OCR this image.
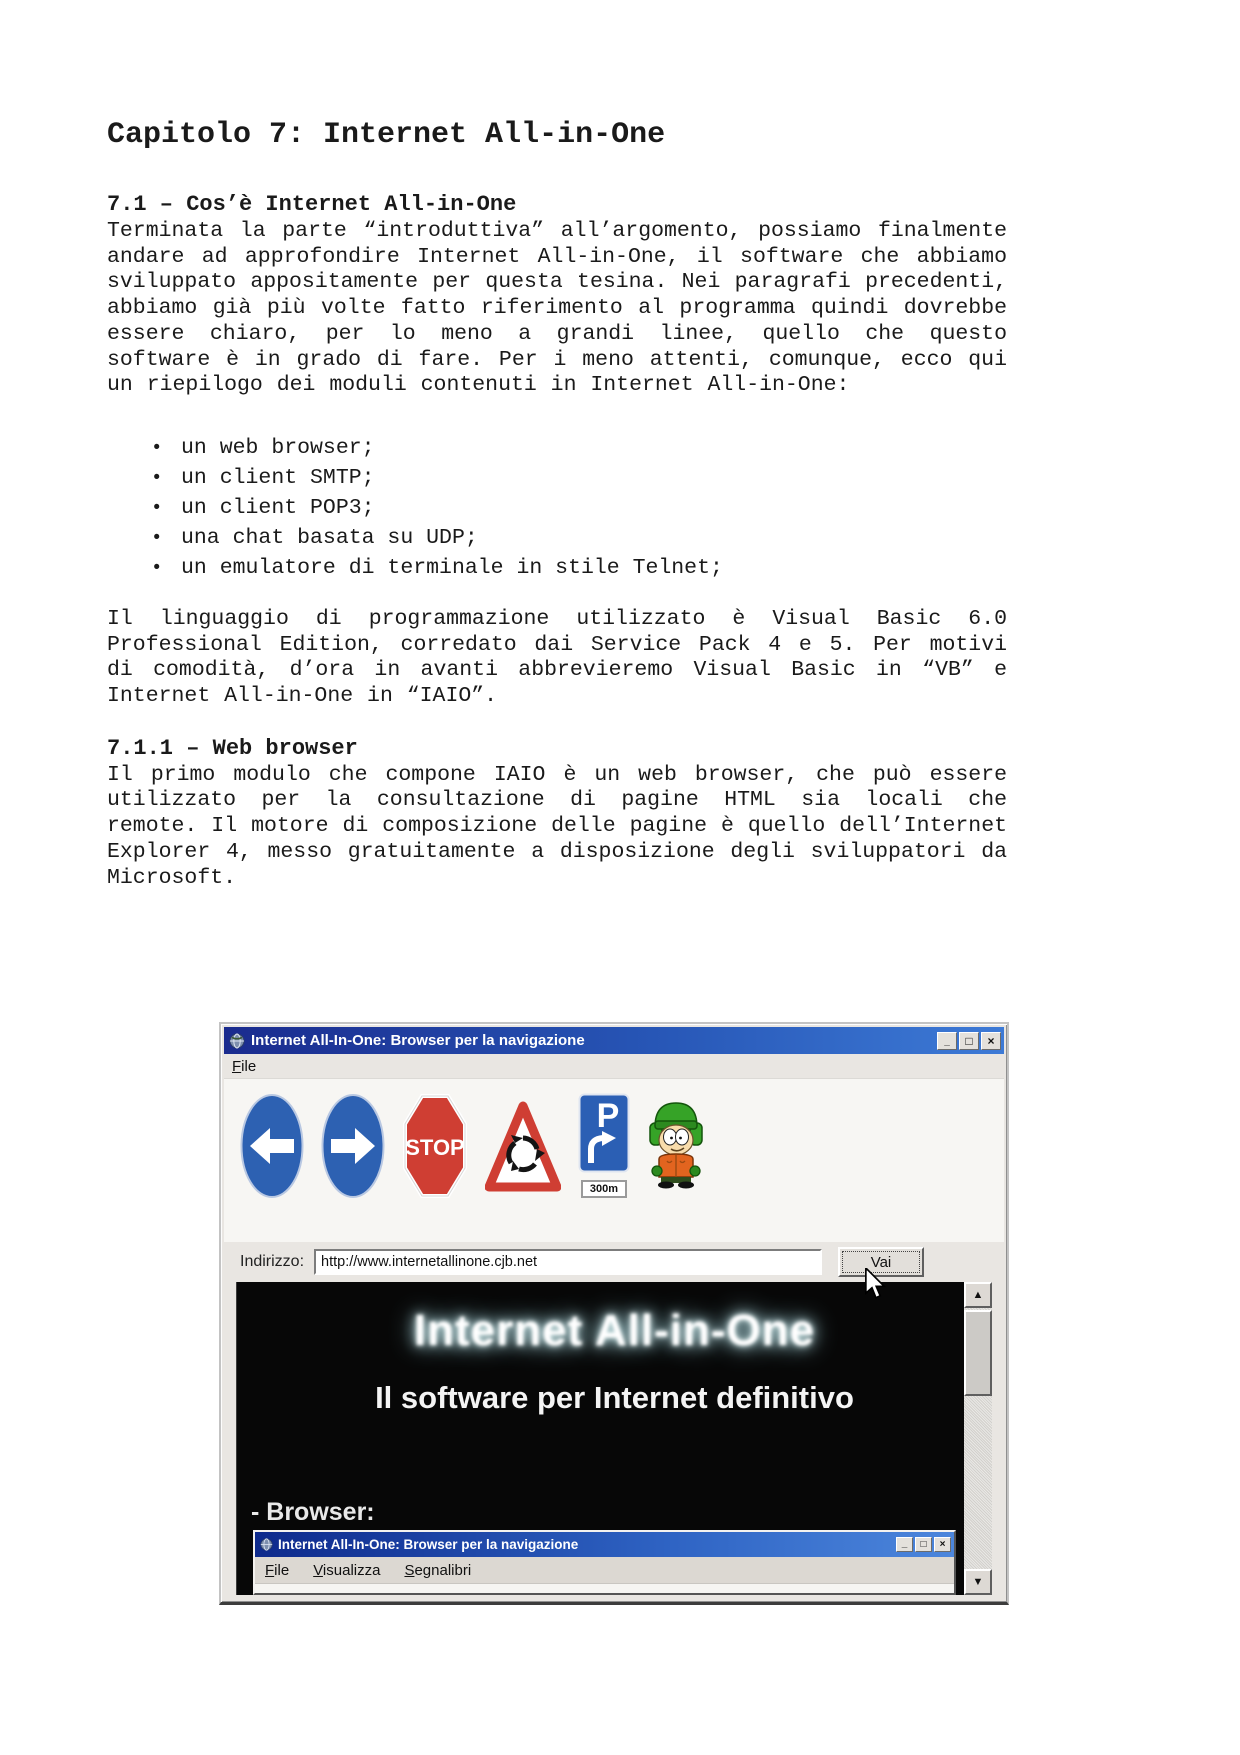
Capitolo 7: Internet All-in-One
7.1 – Cos’è Internet All-in-One
Terminata la parte “introduttiva” all’argomento, possiamo finalmente andare ad approfondire Internet All-in-One, il software che abbiamo sviluppato appositamente per questa tesina. Nei paragrafi precedenti, abbiamo già più volte fatto riferimento al programma quindi dovrebbe essere chiaro, per lo meno a grandi linee, quello che questo software è in grado di fare. Per i meno attenti, comunque, ecco qui un riepilogo dei moduli contenuti in Internet All-in-One:
• un web browser;
• un client SMTP;
• un client POP3;
• una chat basata su UDP;
• un emulatore di terminale in stile Telnet;
Il linguaggio di programmazione utilizzato è Visual Basic 6.0 Professional Edition, corredato dai Service Pack 4 e 5. Per motivi di comodità, d’ora in avanti abbrevieremo Visual Basic in “VB” e Internet All-in-One in “IAIO”.
7.1.1 – Web browser
Il primo modulo che compone IAIO è un web browser, che può essere utilizzato per la consultazione di pagine HTML sia locali che remote. Il motore di composizione delle pagine è quello dell’Internet Explorer 4, messo gratuitamente a disposizione degli sviluppatori da Microsoft.
Internet All-In-One: Browser per la navigazione	_	□	×
File
STOP
P
300m
Indirizzo:
http://www.internetallinone.cjb.net	Vai
Internet All-in-One
Il software per Internet definitivo
- Browser:
Internet All-In-One: Browser per la navigazione	_	□	×
File Visualizza Segnalibri
▲
▼
